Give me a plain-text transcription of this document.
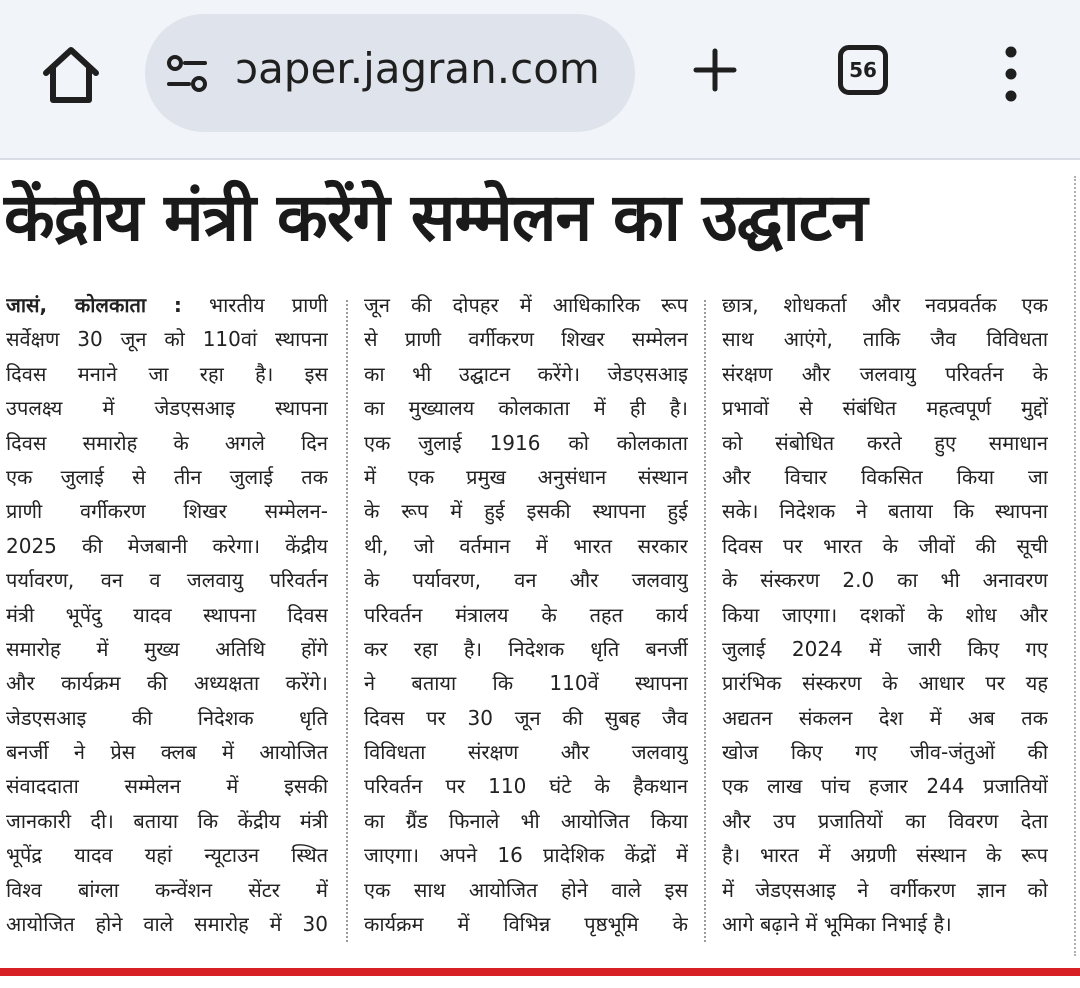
ɔaper.jagran.com	56
केंद्रीय मंत्री करेंगे सम्मेलन का उद्घाटन
जासं, कोलकाता : भारतीय प्राणी
सर्वेक्षण 30 जून को 110वां स्थापना
दिवस मनाने जा रहा है। इस
उपलक्ष्य में जेडएसआइ स्थापना
दिवस समारोह के अगले दिन
एक जुलाई से तीन जुलाई तक
प्राणी वर्गीकरण शिखर सम्मेलन-
2025 की मेजबानी करेगा। केंद्रीय
पर्यावरण, वन व जलवायु परिवर्तन
मंत्री भूपेंदु यादव स्थापना दिवस
समारोह में मुख्य अतिथि होंगे
और कार्यक्रम की अध्यक्षता करेंगे।
जेडएसआइ की निदेशक धृति
बनर्जी ने प्रेस क्लब में आयोजित
संवाददाता सम्मेलन में इसकी
जानकारी दी। बताया कि केंद्रीय मंत्री
भूपेंद्र यादव यहां न्यूटाउन स्थित
विश्व बांग्ला कन्वेंशन सेंटर में
आयोजित होने वाले समारोह में 30
जून की दोपहर में आधिकारिक रूप
से प्राणी वर्गीकरण शिखर सम्मेलन
का भी उद्घाटन करेंगे। जेडएसआइ
का मुख्यालय कोलकाता में ही है।
एक जुलाई 1916 को कोलकाता
में एक प्रमुख अनुसंधान संस्थान
के रूप में हुई इसकी स्थापना हुई
थी, जो वर्तमान में भारत सरकार
के पर्यावरण, वन और जलवायु
परिवर्तन मंत्रालय के तहत कार्य
कर रहा है। निदेशक धृति बनर्जी
ने बताया कि 110वें स्थापना
दिवस पर 30 जून की सुबह जैव
विविधता संरक्षण और जलवायु
परिवर्तन पर 110 घंटे के हैकथान
का ग्रैंड फिनाले भी आयोजित किया
जाएगा। अपने 16 प्रादेशिक केंद्रों में
एक साथ आयोजित होने वाले इस
कार्यक्रम में विभिन्न पृष्ठभूमि के
छात्र, शोधकर्ता और नवप्रवर्तक एक
साथ आएंगे, ताकि जैव विविधता
संरक्षण और जलवायु परिवर्तन के
प्रभावों से संबंधित महत्वपूर्ण मुद्दों
को संबोधित करते हुए समाधान
और विचार विकसित किया जा
सके। निदेशक ने बताया कि स्थापना
दिवस पर भारत के जीवों की सूची
के संस्करण 2.0 का भी अनावरण
किया जाएगा। दशकों के शोध और
जुलाई 2024 में जारी किए गए
प्रारंभिक संस्करण के आधार पर यह
अद्यतन संकलन देश में अब तक
खोज किए गए जीव-जंतुओं की
एक लाख पांच हजार 244 प्रजातियों
और उप प्रजातियों का विवरण देता
है। भारत में अग्रणी संस्थान के रूप
में जेडएसआइ ने वर्गीकरण ज्ञान को
आगे बढ़ाने में भूमिका निभाई है।
